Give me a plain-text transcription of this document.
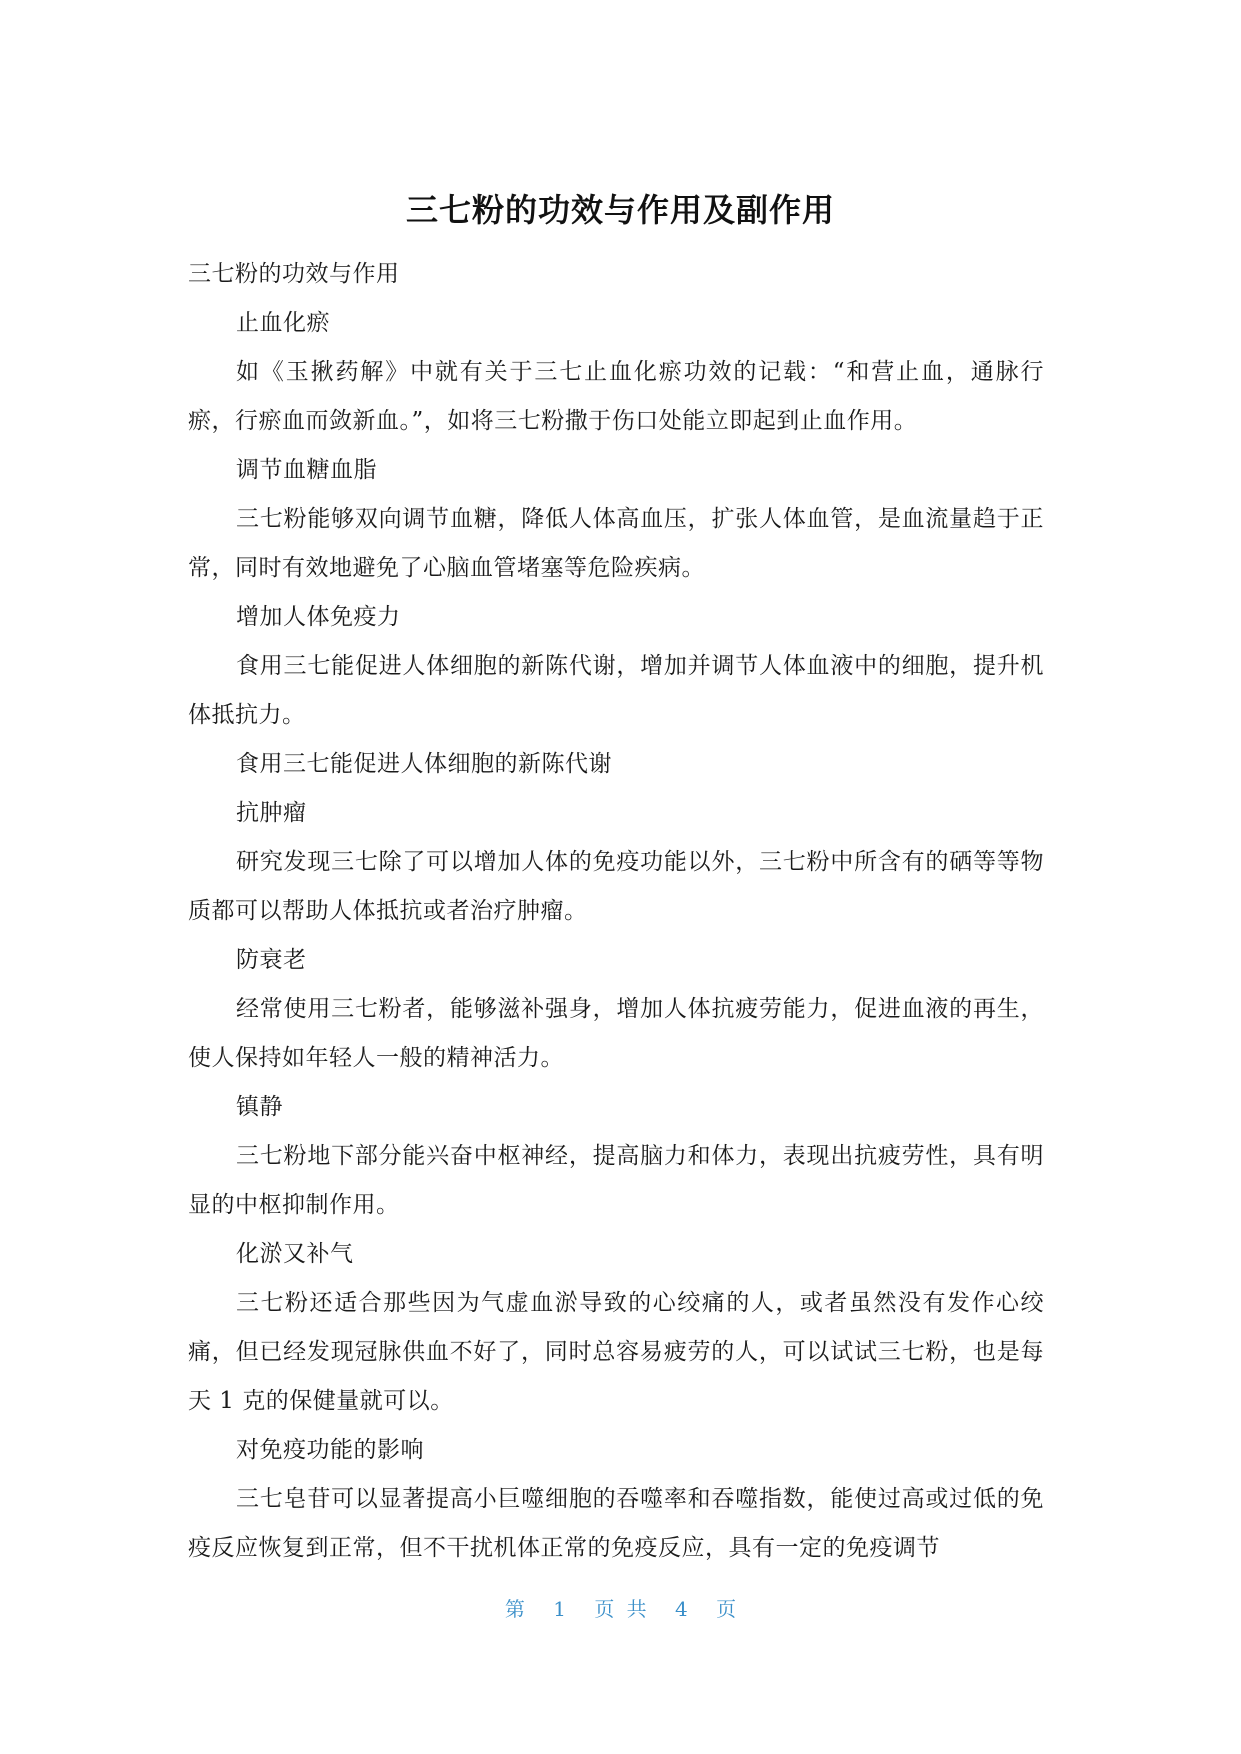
三七粉的功效与作用及副作用
三七粉的功效与作用
止血化瘀
如《玉揪药解》中就有关于三七止血化瘀功效的记载：“和营止血，通脉行瘀，行瘀血而敛新血。”，如将三七粉撒于伤口处能立即起到止血作用。
调节血糖血脂
三七粉能够双向调节血糖，降低人体高血压，扩张人体血管，是血流量趋于正常，同时有效地避免了心脑血管堵塞等危险疾病。
增加人体免疫力
食用三七能促进人体细胞的新陈代谢，增加并调节人体血液中的细胞，提升机体抵抗力。
食用三七能促进人体细胞的新陈代谢
抗肿瘤
研究发现三七除了可以增加人体的免疫功能以外，三七粉中所含有的硒等等物质都可以帮助人体抵抗或者治疗肿瘤。
防衰老
经常使用三七粉者，能够滋补强身，增加人体抗疲劳能力，促进血液的再生，使人保持如年轻人一般的精神活力。
镇静
三七粉地下部分能兴奋中枢神经，提高脑力和体力，表现出抗疲劳性，具有明显的中枢抑制作用。
化淤又补气
三七粉还适合那些因为气虚血淤导致的心绞痛的人，或者虽然没有发作心绞痛，但已经发现冠脉供血不好了，同时总容易疲劳的人，可以试试三七粉，也是每天 1 克的保健量就可以。
对免疫功能的影响
三七皂苷可以显著提高小巨噬细胞的吞噬率和吞噬指数，能使过高或过低的免疫反应恢复到正常，但不干扰机体正常的免疫反应，具有一定的免疫调节
第 1 页 共 4 页
